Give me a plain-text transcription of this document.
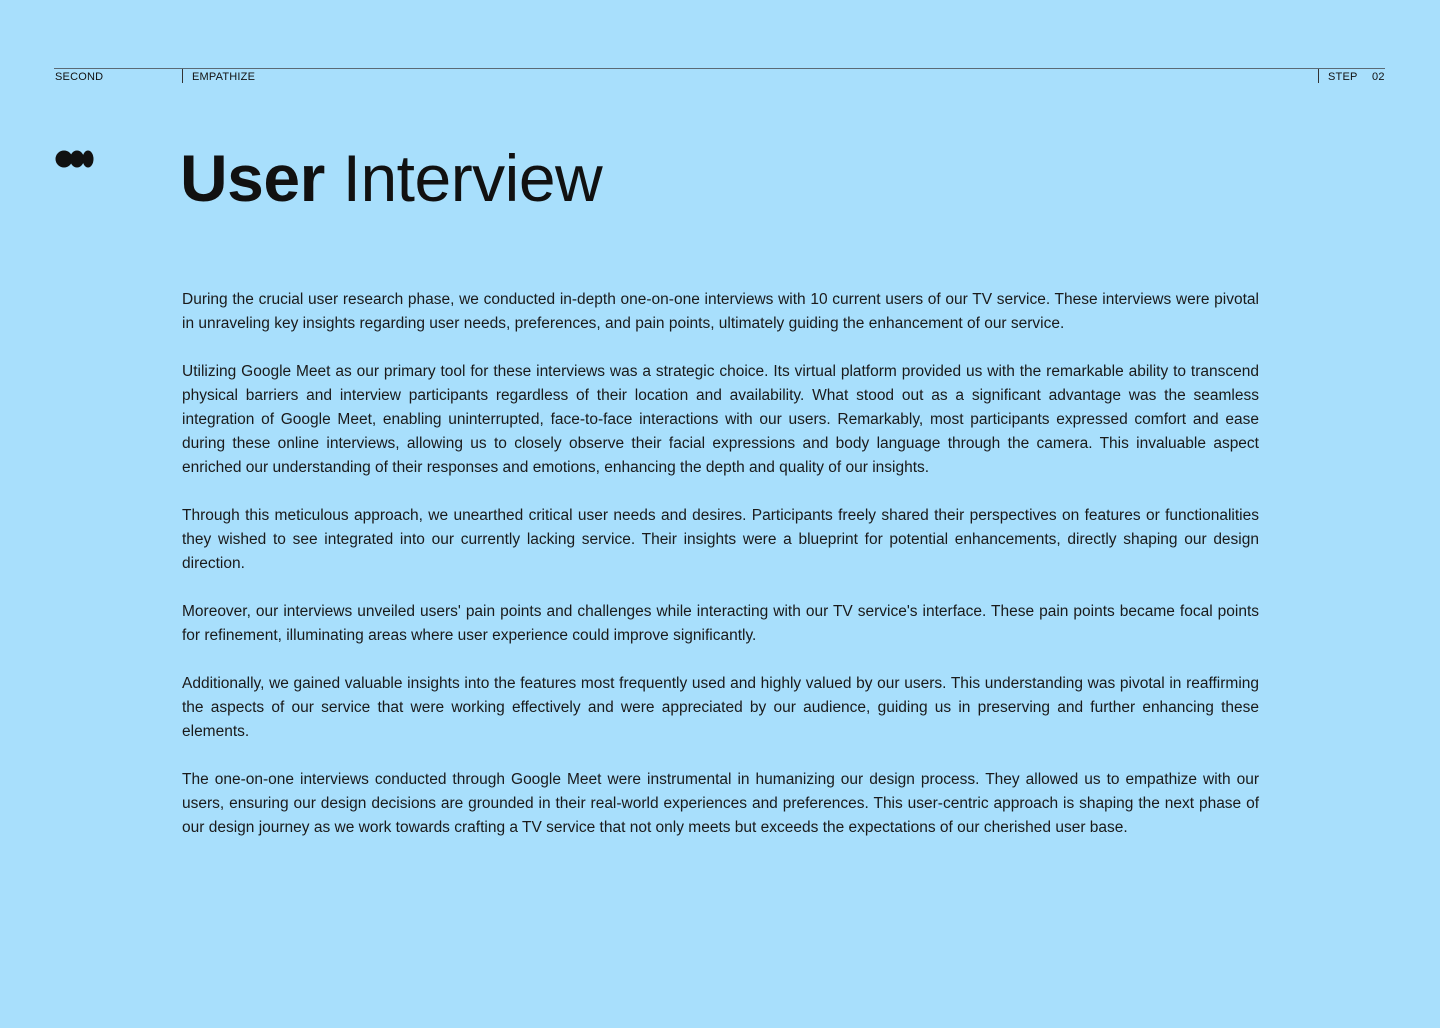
SECOND	EMPATHIZE	STEP 02
User Interview

During the crucial user research phase, we conducted in-depth one-on-one interviews with 10 current users of our TV service. These interviews were pivotal in unraveling key insights regarding user needs, preferences, and pain points, ultimately guiding the enhancement of our service.

Utilizing Google Meet as our primary tool for these interviews was a strategic choice. Its virtual platform provided us with the remarkable ability to transcend physical barriers and interview participants regardless of their location and availability. What stood out as a significant advantage was the seamless integration of Google Meet, enabling uninterrupted, face-to-face interactions with our users. Remarkably, most participants expressed comfort and ease during these online interviews, allowing us to closely observe their facial expressions and body language through the camera. This invaluable aspect enriched our understanding of their responses and emotions, enhancing the depth and quality of our insights.

Through this meticulous approach, we unearthed critical user needs and desires. Participants freely shared their perspectives on features or functionalities they wished to see integrated into our currently lacking service. Their insights were a blueprint for potential enhancements, directly shaping our design direction.

Moreover, our interviews unveiled users' pain points and challenges while interacting with our TV service's interface. These pain points became focal points for refinement, illuminating areas where user experience could improve significantly.

Additionally, we gained valuable insights into the features most frequently used and highly valued by our users. This understanding was pivotal in reaffirming the aspects of our service that were working effectively and were appreciated by our audience, guiding us in preserving and further enhancing these elements.

The one-on-one interviews conducted through Google Meet were instrumental in humanizing our design process. They allowed us to empathize with our users, ensuring our design decisions are grounded in their real-world experiences and preferences. This user-centric approach is shaping the next phase of our design journey as we work towards crafting a TV service that not only meets but exceeds the expectations of our cherished user base.
